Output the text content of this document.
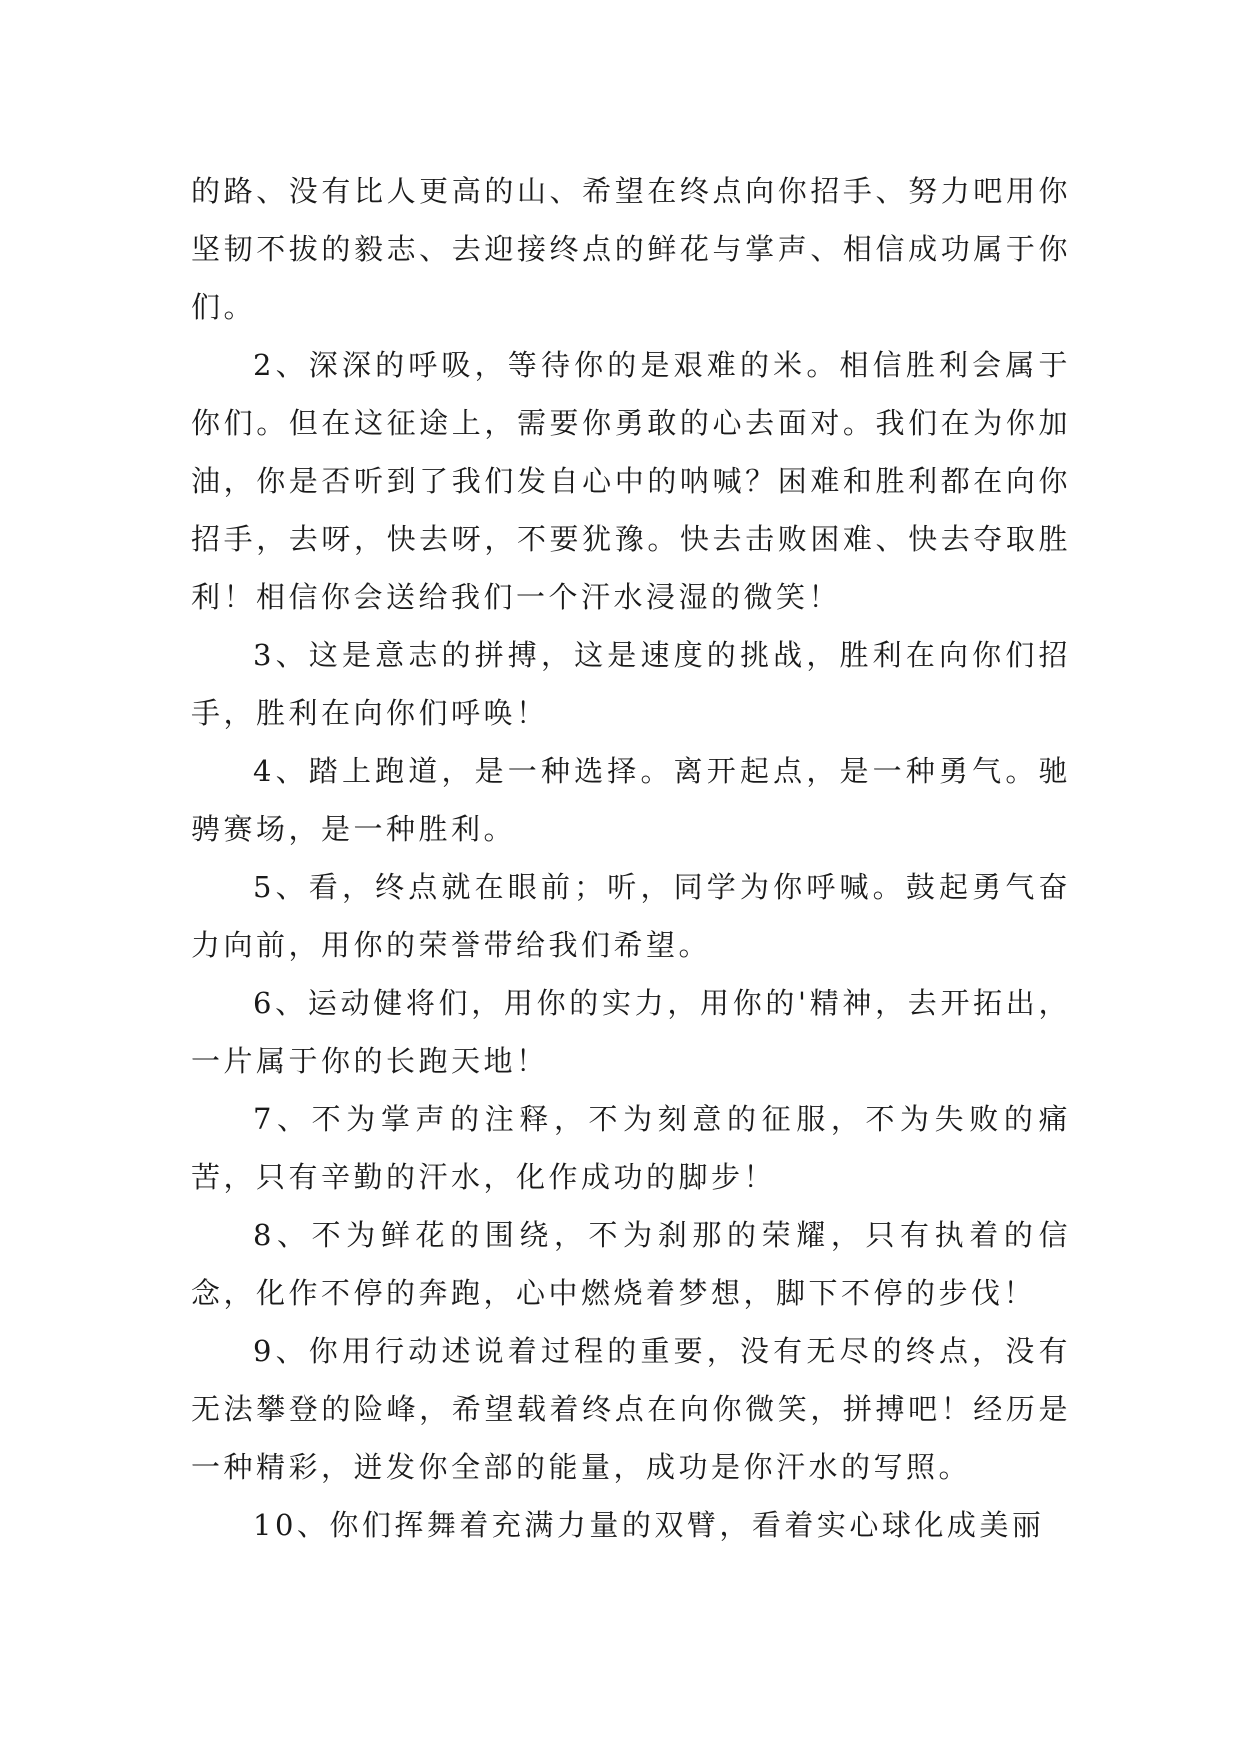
的路、没有比人更高的山、希望在终点向你招手、努力吧用你坚韧不拔的毅志、去迎接终点的鲜花与掌声、相信成功属于你们。

2、深深的呼吸，等待你的是艰难的米。相信胜利会属于你们。但在这征途上，需要你勇敢的心去面对。我们在为你加油，你是否听到了我们发自心中的呐喊？困难和胜利都在向你招手，去呀，快去呀，不要犹豫。快去击败困难、快去夺取胜利！相信你会送给我们一个汗水浸湿的微笑！

3、这是意志的拼搏，这是速度的挑战，胜利在向你们招手，胜利在向你们呼唤！

4、踏上跑道，是一种选择。离开起点，是一种勇气。驰骋赛场，是一种胜利。

5、看，终点就在眼前；听，同学为你呼喊。鼓起勇气奋力向前，用你的荣誉带给我们希望。

6、运动健将们，用你的实力，用你的'精神，去开拓出，一片属于你的长跑天地！

7、不为掌声的注释，不为刻意的征服，不为失败的痛苦，只有辛勤的汗水，化作成功的脚步！

8、不为鲜花的围绕，不为刹那的荣耀，只有执着的信念，化作不停的奔跑，心中燃烧着梦想，脚下不停的步伐！

9、你用行动述说着过程的重要，没有无尽的终点，没有无法攀登的险峰，希望载着终点在向你微笑，拼搏吧！经历是一种精彩，迸发你全部的能量，成功是你汗水的写照。

10、你们挥舞着充满力量的双臂，看着实心球化成美丽
